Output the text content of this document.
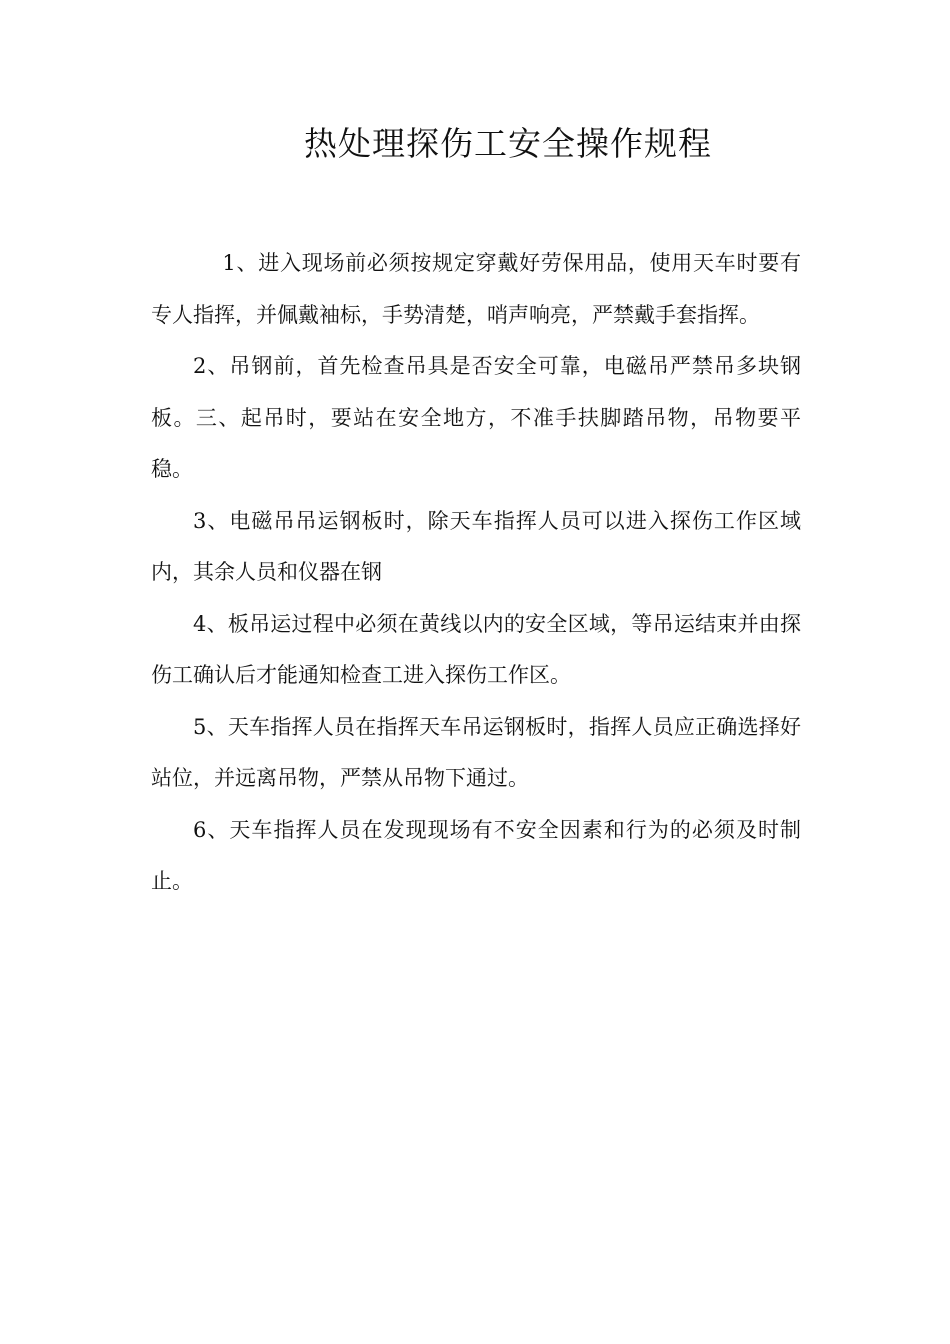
热处理探伤工安全操作规程

1、进入现场前必须按规定穿戴好劳保用品，使用天车时要有专人指挥，并佩戴袖标，手势清楚，哨声响亮，严禁戴手套指挥。

2、吊钢前，首先检查吊具是否安全可靠，电磁吊严禁吊多块钢板。三、起吊时，要站在安全地方，不准手扶脚踏吊物，吊物要平稳。

3、电磁吊吊运钢板时，除天车指挥人员可以进入探伤工作区域内，其余人员和仪器在钢

4、板吊运过程中必须在黄线以内的安全区域，等吊运结束并由探伤工确认后才能通知检查工进入探伤工作区。

5、天车指挥人员在指挥天车吊运钢板时，指挥人员应正确选择好站位，并远离吊物，严禁从吊物下通过。

6、天车指挥人员在发现现场有不安全因素和行为的必须及时制止。
